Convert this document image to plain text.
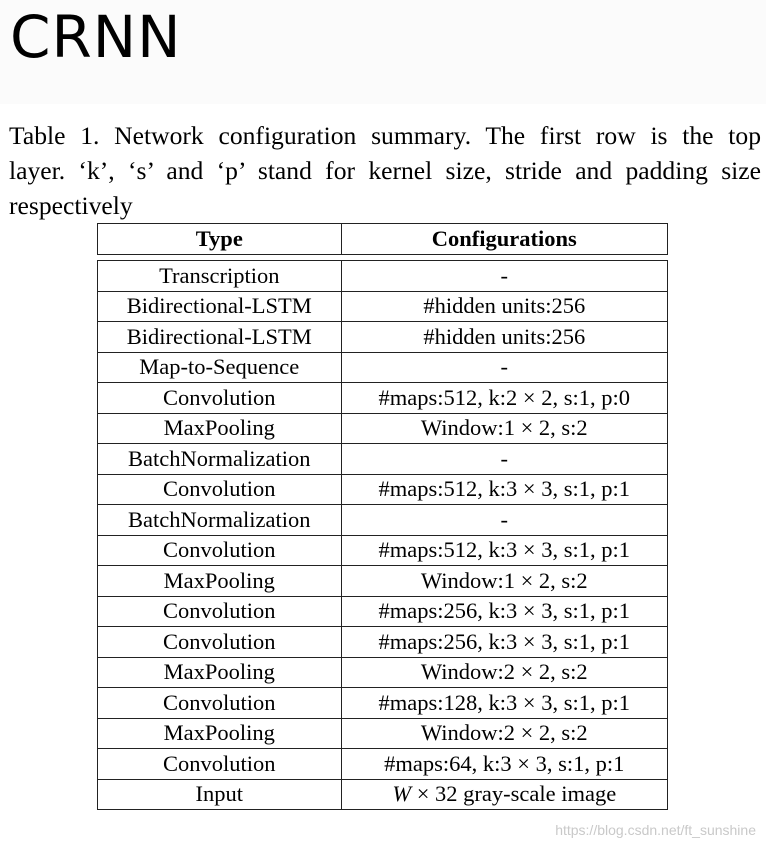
CRNN
Table 1. Network configuration summary. The first row is the top
layer. ‘k’, ‘s’ and ‘p’ stand for kernel size, stride and padding size
respectively
Type	Configurations

Transcription	-
Bidirectional-LSTM	#hidden units:256
Bidirectional-LSTM	#hidden units:256
Map-to-Sequence	-
Convolution	#maps:512, k:2 × 2, s:1, p:0
MaxPooling	Window:1 × 2, s:2
BatchNormalization	-
Convolution	#maps:512, k:3 × 3, s:1, p:1
BatchNormalization	-
Convolution	#maps:512, k:3 × 3, s:1, p:1
MaxPooling	Window:1 × 2, s:2
Convolution	#maps:256, k:3 × 3, s:1, p:1
Convolution	#maps:256, k:3 × 3, s:1, p:1
MaxPooling	Window:2 × 2, s:2
Convolution	#maps:128, k:3 × 3, s:1, p:1
MaxPooling	Window:2 × 2, s:2
Convolution	#maps:64, k:3 × 3, s:1, p:1
Input	W × 32 gray-scale image
https://blog.csdn.net/ft_sunshine
